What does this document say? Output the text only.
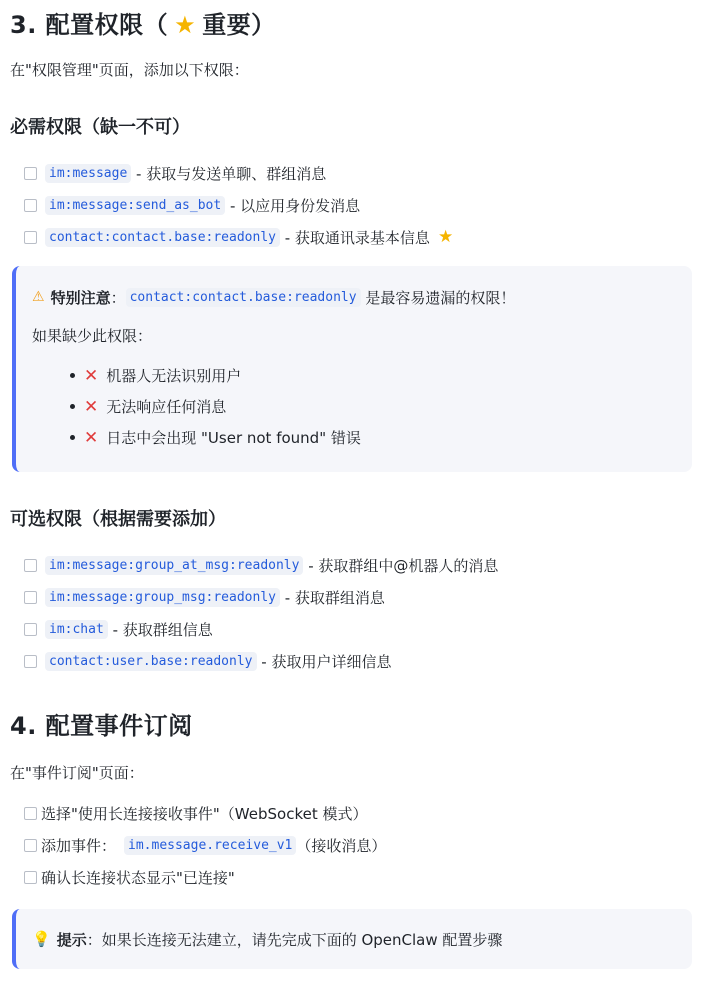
3. 配置权限（ ★ 重要）

在"权限管理"页面，添加以下权限：

必需权限（缺一不可）
im:message - 获取与发送单聊、群组消息
im:message:send_as_bot - 以应用身份发消息
contact:contact.base:readonly - 获取通讯录基本信息 ★
⚠ 特别注意 ： contact:contact.base:readonly 是最容易遗漏的权限！

如果缺少此权限：

✕ 机器人无法识别用户
✕ 无法响应任何消息
✕ 日志中会出现 "User not found" 错误
可选权限（根据需要添加）
im:message:group_at_msg:readonly - 获取群组中@机器人的消息
im:message:group_msg:readonly - 获取群组消息
im:chat - 获取群组信息
contact:user.base:readonly - 获取用户详细信息
4. 配置事件订阅

在"事件订阅"页面：

选择"使用长连接接收事件"（WebSocket 模式）
添加事件： im.message.receive_v1 （接收消息）
确认长连接状态显示"已连接"
💡 提示 ：如果长连接无法建立，请先完成下面的 OpenClaw 配置步骤
